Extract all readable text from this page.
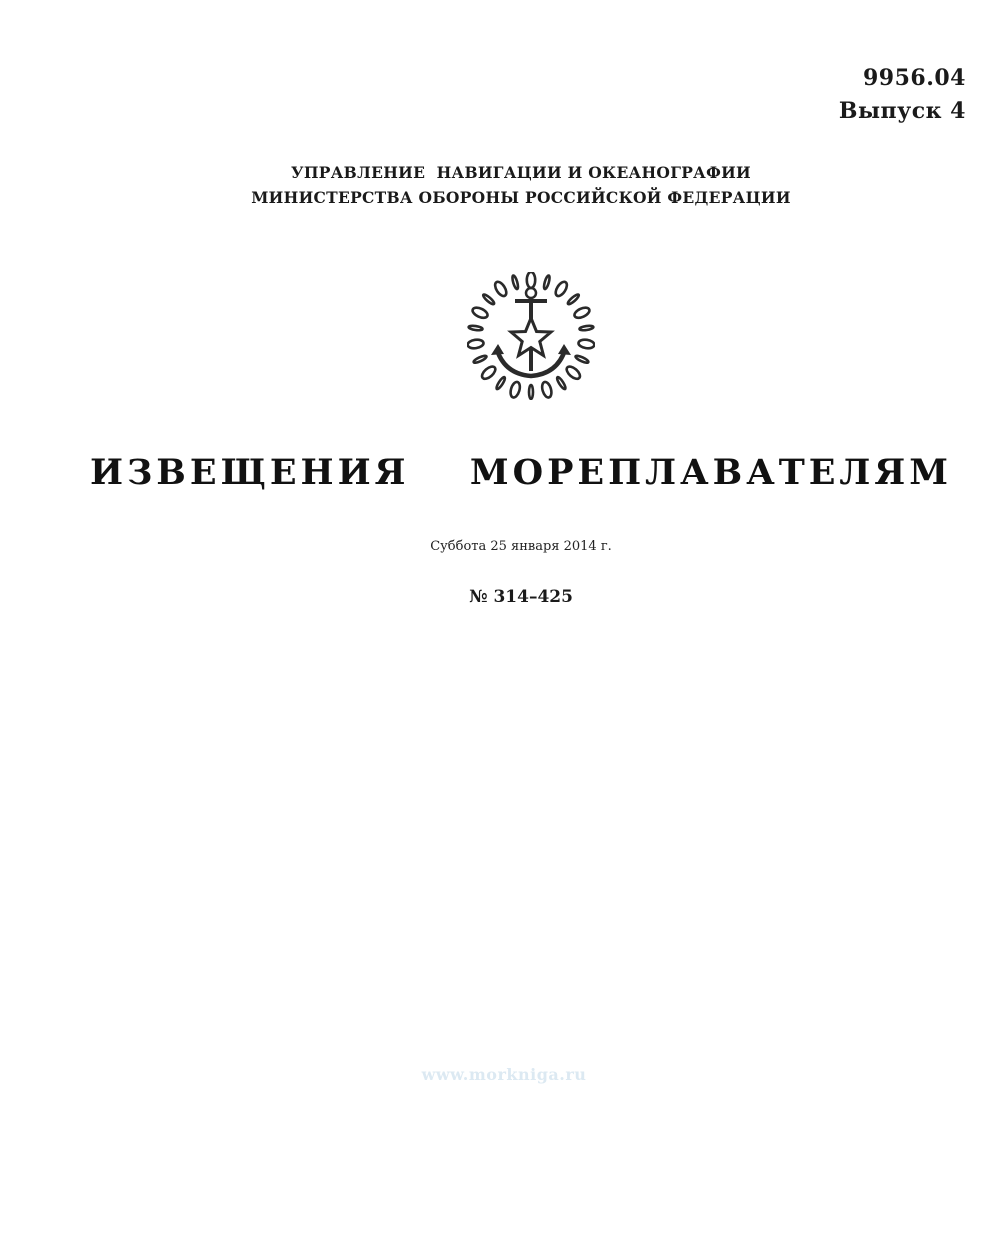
9956.04
Выпуск 4
УПРАВЛЕНИЕ  НАВИГАЦИИ И ОКЕАНОГРАФИИ
МИНИСТЕРСТВА ОБОРОНЫ РОССИЙСКОЙ ФЕДЕРАЦИИ
ИЗВЕЩЕНИЯ  МОРЕПЛАВАТЕЛЯМ
Суббота 25 января 2014 г.
№ 314–425
www.morkniga.ru
